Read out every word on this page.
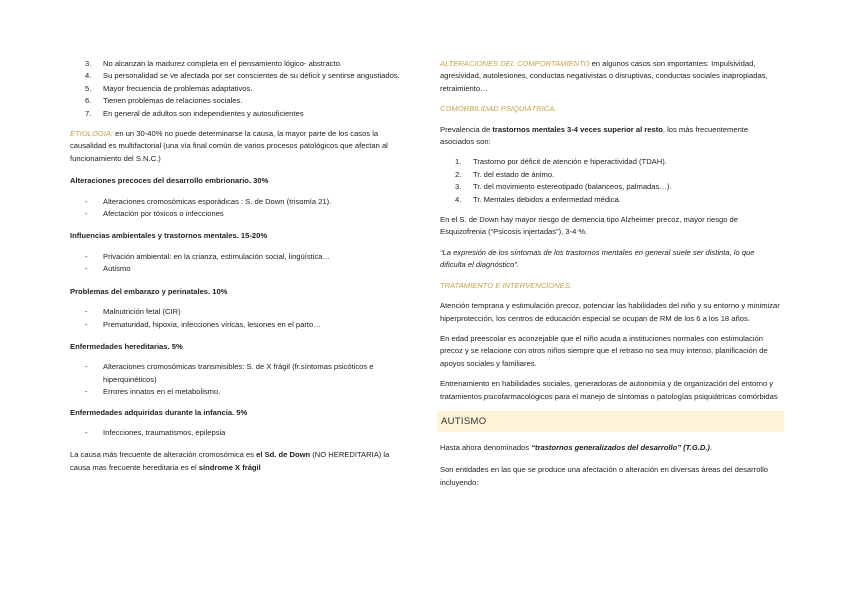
3. No alcanzan la madurez completa en el pensamiento lógico- abstracto.
4. Su personalidad se ve afectada por ser conscientes de su déficit y sentirse angustiados.
5. Mayor frecuencia de problemas adaptativos.
6. Tienen problemas de relaciones sociales.
7. En general de adultos son independientes y autosuficientes

ETIOLOGIA: en un 30-40% no puede determinarse la causa, la mayor parte de los casos la causalidad es multifactorial (una vía final común de varios procesos patológicos que afectan al funcionamiento del S.N.C.)

Alteraciones precoces del desarrollo embrionario. 30%

- Alteraciones cromosómicas esporádicas : S. de Down (trisomía 21).
- Afectación por tóxicos o infecciones

Influencias ambientales y trastornos mentales. 15-20%

- Privación ambiental: en la crianza, estimulación social, lingüística…
- Autismo

Problemas del embarazo y perinatales. 10%

- Malnutrición fetal (CIR)
- Prematuridad, hipoxia, infecciones víricas, lesiones en el parto…

Enfermedades hereditarias. 5%

- Alteraciones cromosómicas transmisibles: S. de X frágil (fr.síntomas psicóticos e hiperquinéticos)
- Errores innatos en el metabolismo.

Enfermedades adquiridas durante la infancia. 5%

- Infecciones, traumatismos, epilepsia

La causa más frecuente de alteración cromosómica es el Sd. de Down (NO HEREDITARIA) la causa mas frecuente hereditaria es el síndrome X frágil

ALTERACIONES DEL COMPORTAMIENTO en algunos casos son importantes: Impulsividad, agresividad, autolesiones, conductas negativistas o disruptivas, conductas sociales inapropiadas, retraimiento…

COMORBILIDAD PSIQUIÁTRICA.

Prevalencia de trastornos mentales 3-4 veces superior al resto, los más frecuentemente asociados son:

1. Trastorno por déficit de atención e hiperactividad (TDAH).
2. Tr. del estado de ánimo.
3. Tr. del movimiento estereotipado (balanceos, palmadas…).
4. Tr. Mentales debidos a enfermedad médica.

En el S. de Down hay mayor riesgo de demencia tipo Alzheimer precoz, mayor riesgo de Esquizofrenia (“Psicosis injertadas”), 3-4 %.

“La expresión de los síntomas de los trastornos mentales en general suele ser distinta, lo que dificulta el diagnóstico”.

TRATAMIENTO E INTERVENCIONES.

Atención temprana y estimulación precoz, potenciar las habilidades del niño y su entorno y minimizar hiperprotección, los centros de educación especial se ocupan de RM de los 6 a los 18 años.

En edad preescolar es aconzejable que el niño acuda a instituciones normales con estimulación precoz y se relacione con otros niños siempre que el retraso no sea muy intenso, planificación de apoyos sociales y familiares.

Entrenamiento en habilidades sociales, generadoras de autonomía y de organización del entorno y tratamientos psicofarmacológicos para el manejo de síntomas o patologías psiquiátricas comórbidas

AUTISMO

Hasta ahora denominados “trastornos generalizados del desarrollo” (T.G.D.).

Son entidades en las que se produce una afectación o alteración en diversas áreas del desarrollo incluyendo:
